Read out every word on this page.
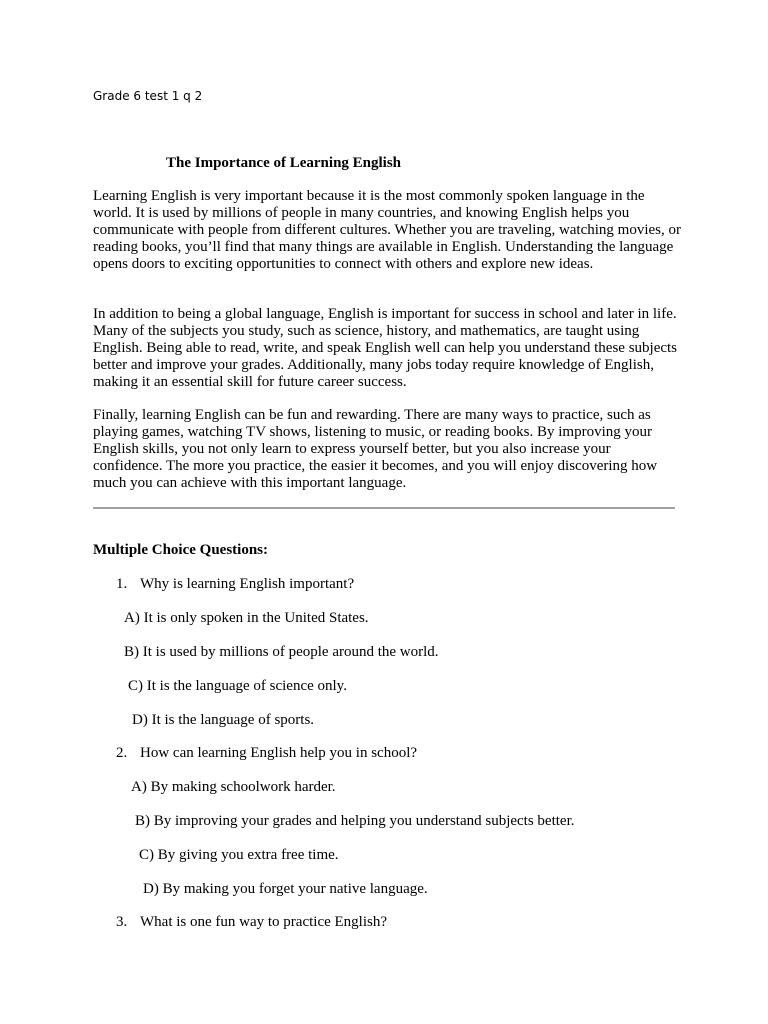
Grade 6 test 1 q 2
The Importance of Learning English

Learning English is very important because it is the most commonly spoken language in the world. It is used by millions of people in many countries, and knowing English helps you communicate with people from different cultures. Whether you are traveling, watching movies, or reading books, you’ll find that many things are available in English. Understanding the language opens doors to exciting opportunities to connect with others and explore new ideas.

In addition to being a global language, English is important for success in school and later in life. Many of the subjects you study, such as science, history, and mathematics, are taught using English. Being able to read, write, and speak English well can help you understand these subjects better and improve your grades. Additionally, many jobs today require knowledge of English, making it an essential skill for future career success.

Finally, learning English can be fun and rewarding. There are many ways to practice, such as playing games, watching TV shows, listening to music, or reading books. By improving your English skills, you not only learn to express yourself better, but you also increase your confidence. The more you practice, the easier it becomes, and you will enjoy discovering how much you can achieve with this important language.

Multiple Choice Questions:
1. Why is learning English important?
A) It is only spoken in the United States.
B) It is used by millions of people around the world.
C) It is the language of science only.
D) It is the language of sports.
2. How can learning English help you in school?
A) By making schoolwork harder.
B) By improving your grades and helping you understand subjects better.
C) By giving you extra free time.
D) By making you forget your native language.
3. What is one fun way to practice English?
